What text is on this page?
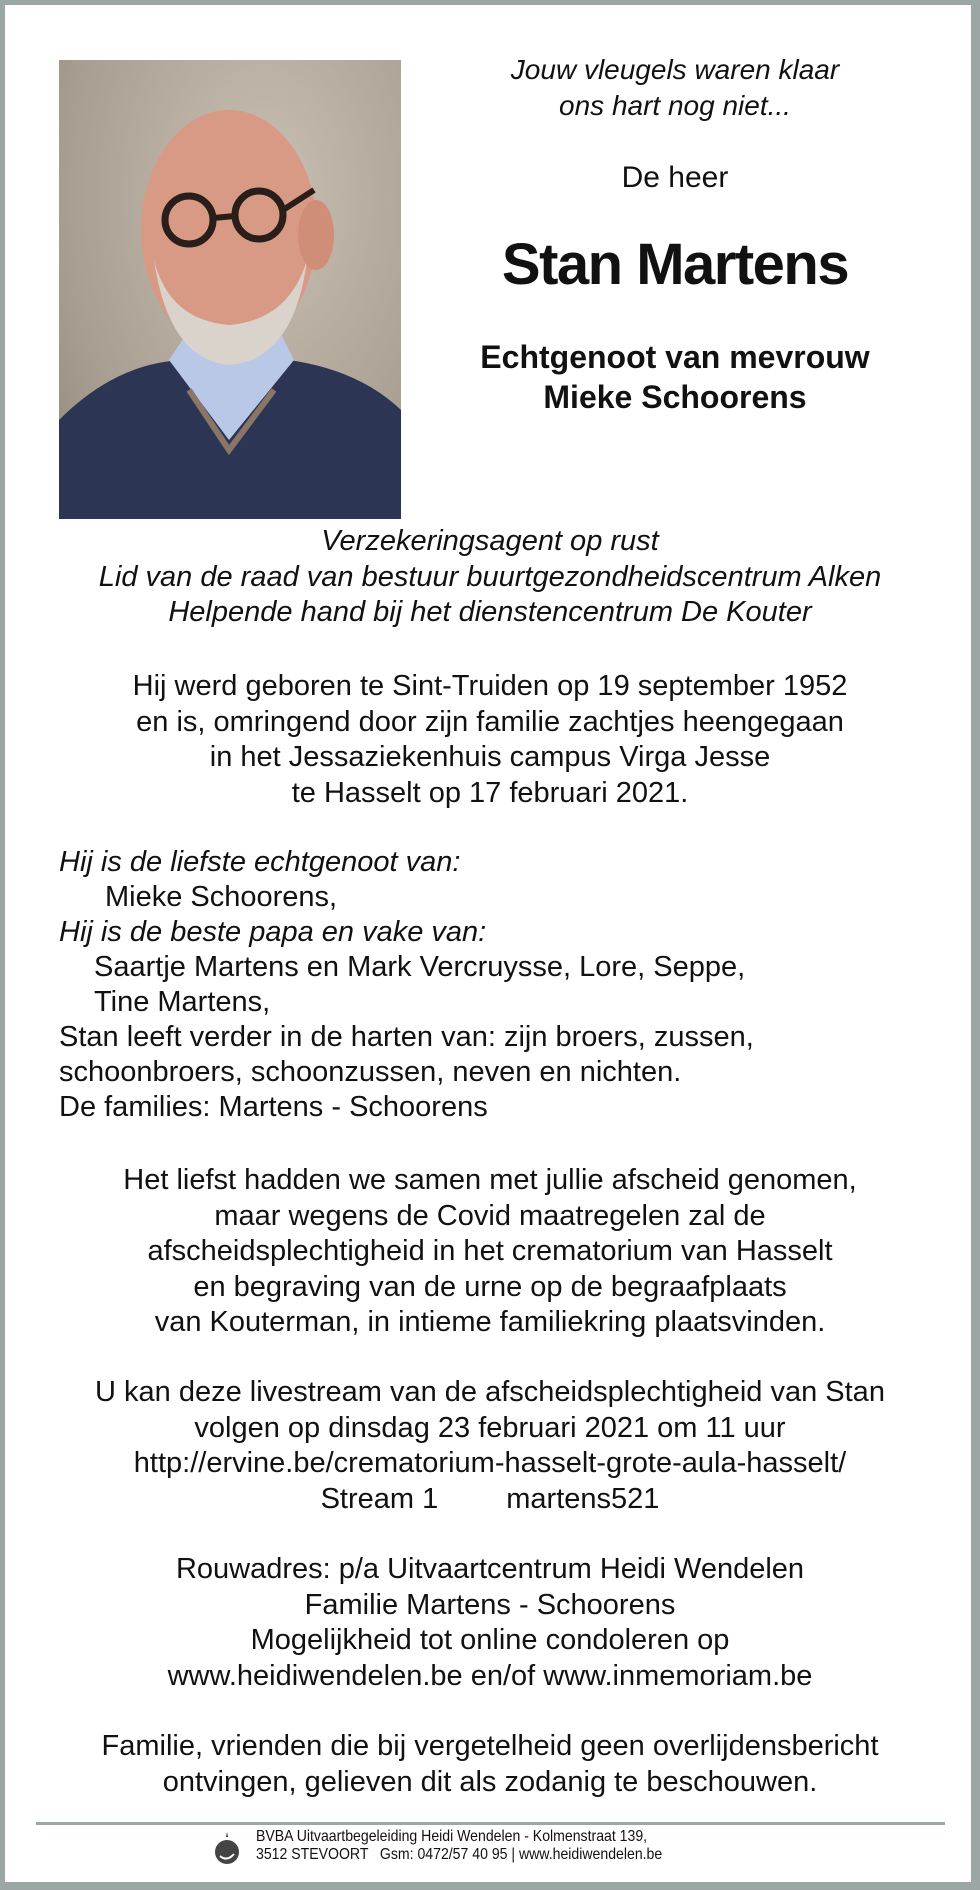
Jouw vleugels waren klaar
ons hart nog niet...
De heer
Stan Martens
Echtgenoot van mevrouw
Mieke Schoorens
Verzekeringsagent op rust
Lid van de raad van bestuur buurtgezondheidscentrum Alken
Helpende hand bij het dienstencentrum De Kouter
Hij werd geboren te Sint-Truiden op 19 september 1952
en is, omringend door zijn familie zachtjes heengegaan
in het Jessaziekenhuis campus Virga Jesse
te Hasselt op 17 februari 2021.
Hij is de liefste echtgenoot van:
Mieke Schoorens,
Hij is de beste papa en vake van:
Saartje Martens en Mark Vercruysse, Lore, Seppe,
Tine Martens,
Stan leeft verder in de harten van: zijn broers, zussen,
schoonbroers, schoonzussen, neven en nichten.
De families: Martens - Schoorens
Het liefst hadden we samen met jullie afscheid genomen,
maar wegens de Covid maatregelen zal de
afscheidsplechtigheid in het crematorium van Hasselt
en begraving van de urne op de begraafplaats
van Kouterman, in intieme familiekring plaatsvinden.
U kan deze livestream van de afscheidsplechtigheid van Stan
volgen op dinsdag 23 februari 2021 om 11 uur
http://ervine.be/crematorium-hasselt-grote-aula-hasselt/
Stream 1 martens521
Rouwadres: p/a Uitvaartcentrum Heidi Wendelen
Familie Martens - Schoorens
Mogelijkheid tot online condoleren op
www.heidiwendelen.be en/of www.inmemoriam.be
Familie, vrienden die bij vergetelheid geen overlijdensbericht
ontvingen, gelieven dit als zodanig te beschouwen.
BVBA Uitvaartbegeleiding Heidi Wendelen - Kolmenstraat 139,
3512 STEVOORT   Gsm: 0472/57 40 95 | www.heidiwendelen.be
